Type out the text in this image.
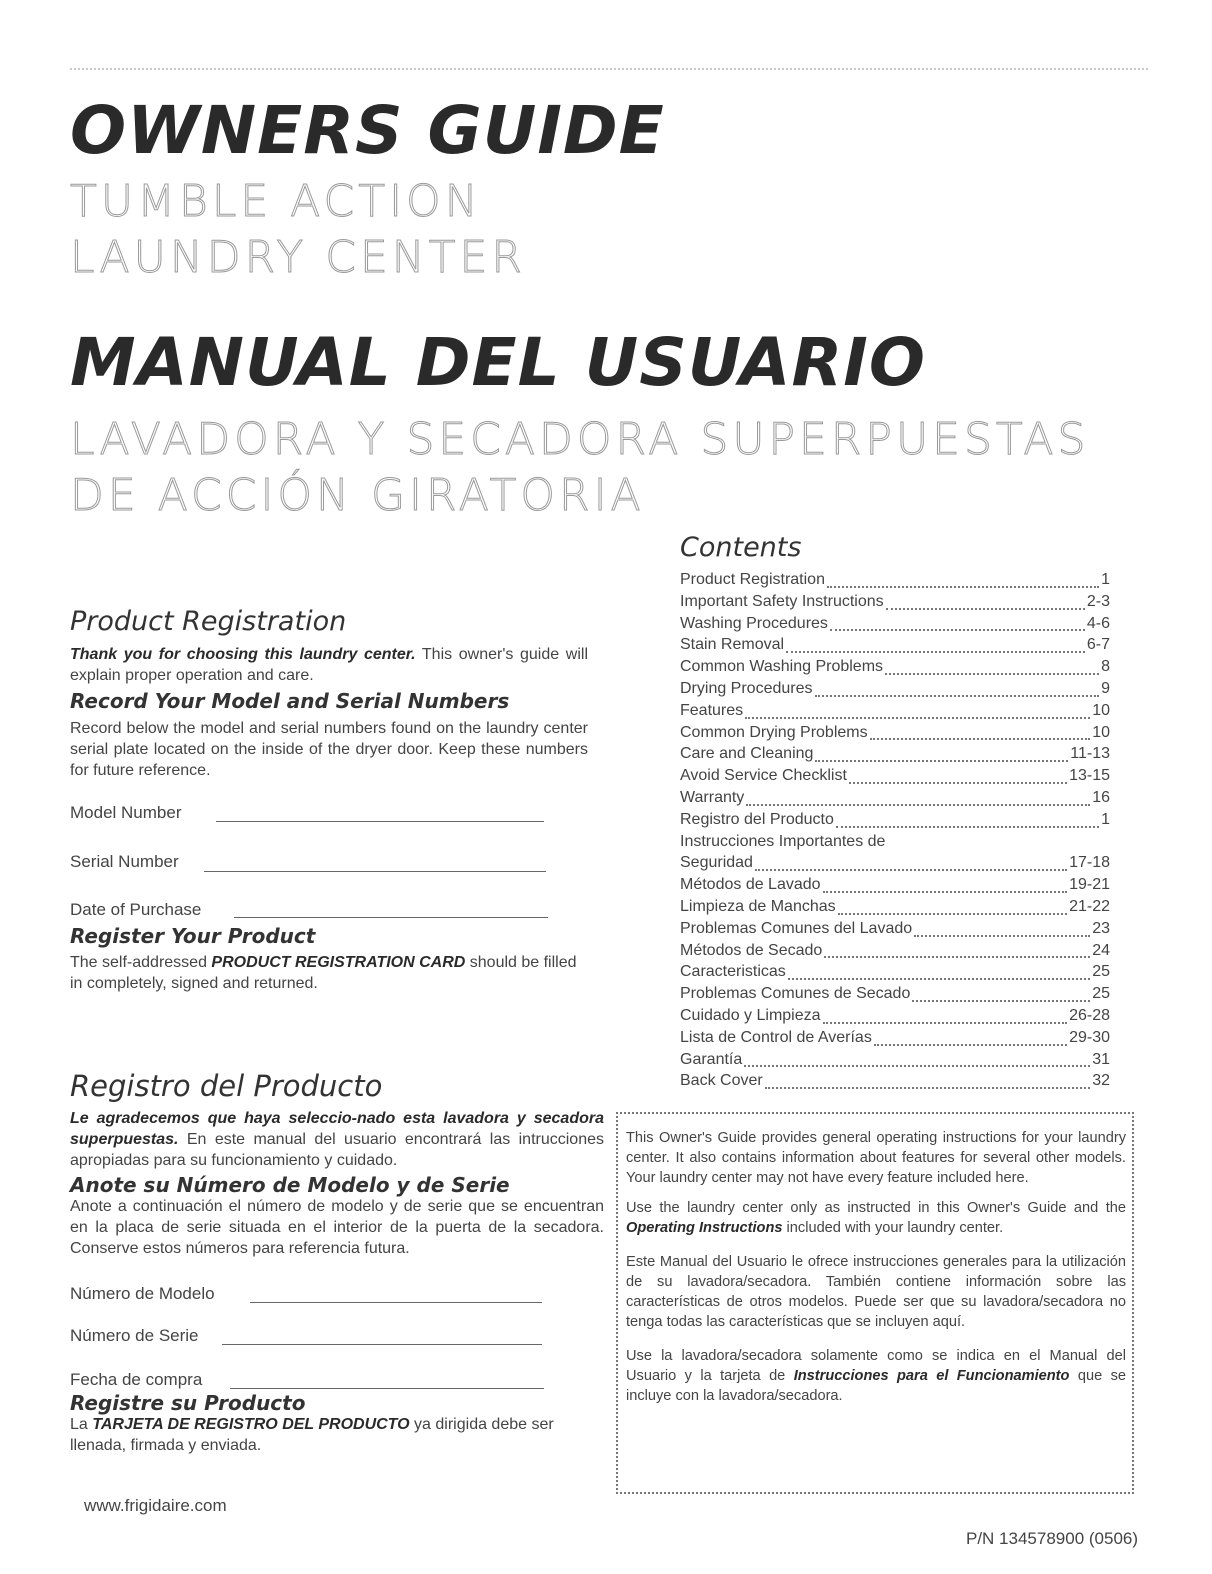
OWNERS GUIDE
TUMBLE ACTION
LAUNDRY CENTER
MANUAL DEL USUARIO
LAVADORA Y SECADORA SUPERPUESTAS
DE ACCIÓN GIRATORIA
Product Registration
Thank you for choosing this laundry center. This owner's guide will explain proper operation and care.
Record Your Model and Serial Numbers
Record below the model and serial numbers found on the laundry center serial plate located on the inside of the dryer door. Keep these numbers for future reference.
Model Number
Serial Number
Date of Purchase
Register Your Product
The self-addressed PRODUCT REGISTRATION CARD should be filled in completely, signed and returned.
Registro del Producto
Le agradecemos que haya seleccio-nado esta lavadora y secadora superpuestas. En este manual del usuario encontrará las intrucciones apropiadas para su funcionamiento y cuidado.
Anote su Número de Modelo y de Serie
Anote a continuación el número de modelo y de serie que se encuentran en la placa de serie situada en el interior de la puerta de la secadora. Conserve estos números para referencia futura.
Número de Modelo
Número de Serie
Fecha de compra
Registre su Producto
La TARJETA DE REGISTRO DEL PRODUCTO ya dirigida debe ser llenada, firmada y enviada.
Contents
Product Registration	1
Important Safety Instructions	2-3
Washing Procedures	4-6
Stain Removal	6-7
Common Washing Problems	8
Drying Procedures	9
Features	10
Common Drying Problems	10
Care and Cleaning	11-13
Avoid Service Checklist	13-15
Warranty	16
Registro del Producto	1
Instrucciones Importantes de
Seguridad	17-18
Métodos de Lavado	19-21
Limpieza de Manchas	21-22
Problemas Comunes del Lavado	23
Métodos de Secado	24
Caracteristicas	25
Problemas Comunes de Secado	25
Cuidado y Limpieza	26-28
Lista de Control de Averías	29-30
Garantía	31
Back Cover	32

This Owner's Guide provides general operating instructions for your laundry center. It also contains information about features for several other models. Your laundry center may not have every feature included here.

Use the laundry center only as instructed in this Owner's Guide and the Operating Instructions included with your laundry center.

Este Manual del Usuario le ofrece instrucciones generales para la utilización de su lavadora/secadora. También contiene información sobre las características de otros modelos. Puede ser que su lavadora/secadora no tenga todas las características que se incluyen aquí.

Use la lavadora/secadora solamente como se indica en el Manual del Usuario y la tarjeta de Instrucciones para el Funcionamiento que se incluye con la lavadora/secadora.

www.frigidaire.com
P/N 134578900 (0506)
